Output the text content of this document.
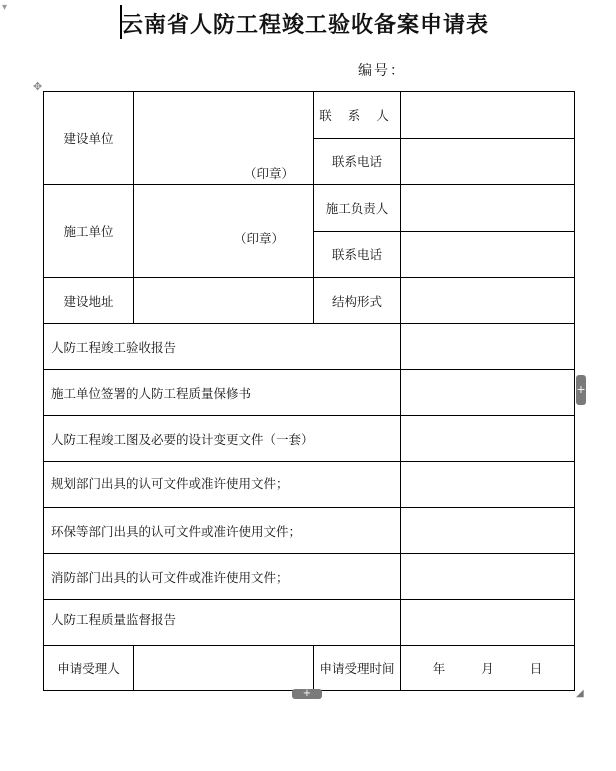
▾
云南省人防工程竣工验收备案申请表
编号：
✥
建设单位	（印章）	联 系 人	
		联系电话	
施工单位	（印章）	施工负责人	
		联系电话	
建设地址		结构形式	
人防工程竣工验收报告			
施工单位签署的人防工程质量保修书			
人防工程竣工图及必要的设计变更文件（一套）			
规划部门出具的认可文件或准许使用文件；			
环保等部门出具的认可文件或准许使用文件；			
消防部门出具的认可文件或准许使用文件；			
人防工程质量监督报告			
申请受理人		申请受理时间	年 月 日
+
+	◢
